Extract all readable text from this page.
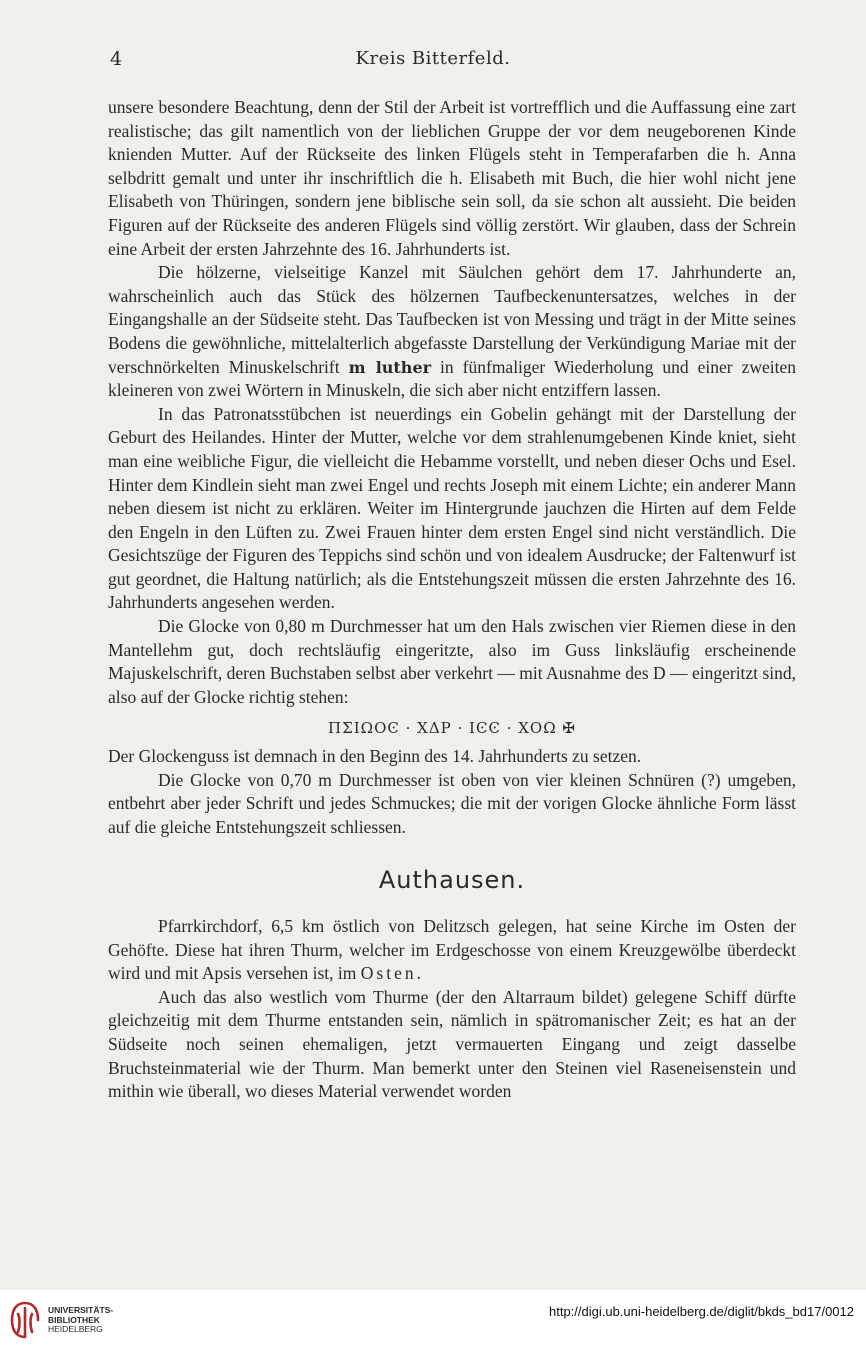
4	Kreis Bitterfeld.

unsere besondere Beachtung, denn der Stil der Arbeit ist vortrefflich und die Auffassung eine zart realistische; das gilt namentlich von der lieblichen Gruppe der vor dem neugeborenen Kinde knienden Mutter. Auf der Rückseite des linken Flügels steht in Temperafarben die h. Anna selbdritt gemalt und unter ihr inschriftlich die h. Elisabeth mit Buch, die hier wohl nicht jene Elisabeth von Thüringen, sondern jene biblische sein soll, da sie schon alt aussieht. Die beiden Figuren auf der Rückseite des anderen Flügels sind völlig zerstört. Wir glauben, dass der Schrein eine Arbeit der ersten Jahrzehnte des 16. Jahrhunderts ist.

Die hölzerne, vielseitige Kanzel mit Säulchen gehört dem 17. Jahrhunderte an, wahrscheinlich auch das Stück des hölzernen Taufbeckenuntersatzes, welches in der Eingangshalle an der Südseite steht. Das Taufbecken ist von Messing und trägt in der Mitte seines Bodens die gewöhnliche, mittelalterlich abgefasste Darstellung der Verkündigung Mariae mit der verschnörkelten Minuskelschrift m luther in fünfmaliger Wiederholung und einer zweiten kleineren von zwei Wörtern in Minuskeln, die sich aber nicht entziffern lassen.

In das Patronatsstübchen ist neuerdings ein Gobelin gehängt mit der Darstellung der Geburt des Heilandes. Hinter der Mutter, welche vor dem strahlenumgebenen Kinde kniet, sieht man eine weibliche Figur, die vielleicht die Hebamme vorstellt, und neben dieser Ochs und Esel. Hinter dem Kindlein sieht man zwei Engel und rechts Joseph mit einem Lichte; ein anderer Mann neben diesem ist nicht zu erklären. Weiter im Hintergrunde jauchzen die Hirten auf dem Felde den Engeln in den Lüften zu. Zwei Frauen hinter dem ersten Engel sind nicht verständlich. Die Gesichtszüge der Figuren des Teppichs sind schön und von idealem Ausdrucke; der Faltenwurf ist gut geordnet, die Haltung natürlich; als die Entstehungszeit müssen die ersten Jahrzehnte des 16. Jahrhunderts angesehen werden.

Die Glocke von 0,80 m Durchmesser hat um den Hals zwischen vier Riemen diese in den Mantellehm gut, doch rechtsläufig eingeritzte, also im Guss linksläufig erscheinende Majuskelschrift, deren Buchstaben selbst aber verkehrt — mit Ausnahme des D — eingeritzt sind, also auf der Glocke richtig stehen:

ΠΣΙΩΟϾ · XΔP · ΙϾϾ · XΟΩ ✠

Der Glockenguss ist demnach in den Beginn des 14. Jahrhunderts zu setzen.

Die Glocke von 0,70 m Durchmesser ist oben von vier kleinen Schnüren (?) umgeben, entbehrt aber jeder Schrift und jedes Schmuckes; die mit der vorigen Glocke ähnliche Form lässt auf die gleiche Entstehungszeit schliessen.

Authausen.

Pfarrkirchdorf, 6,5 km östlich von Delitzsch gelegen, hat seine Kirche im Osten der Gehöfte. Diese hat ihren Thurm, welcher im Erdgeschosse von einem Kreuzgewölbe überdeckt wird und mit Apsis versehen ist, im Osten.

Auch das also westlich vom Thurme (der den Altarraum bildet) gelegene Schiff dürfte gleichzeitig mit dem Thurme entstanden sein, nämlich in spätromanischer Zeit; es hat an der Südseite noch seinen ehemaligen, jetzt vermauerten Eingang und zeigt dasselbe Bruchsteinmaterial wie der Thurm. Man bemerkt unter den Steinen viel Raseneisenstein und mithin wie überall, wo dieses Material verwendet worden

UNIVERSITÄTS-
BIBLIOTHEK
HEIDELBERG
http://digi.ub.uni-heidelberg.de/diglit/bkds_bd17/0012
